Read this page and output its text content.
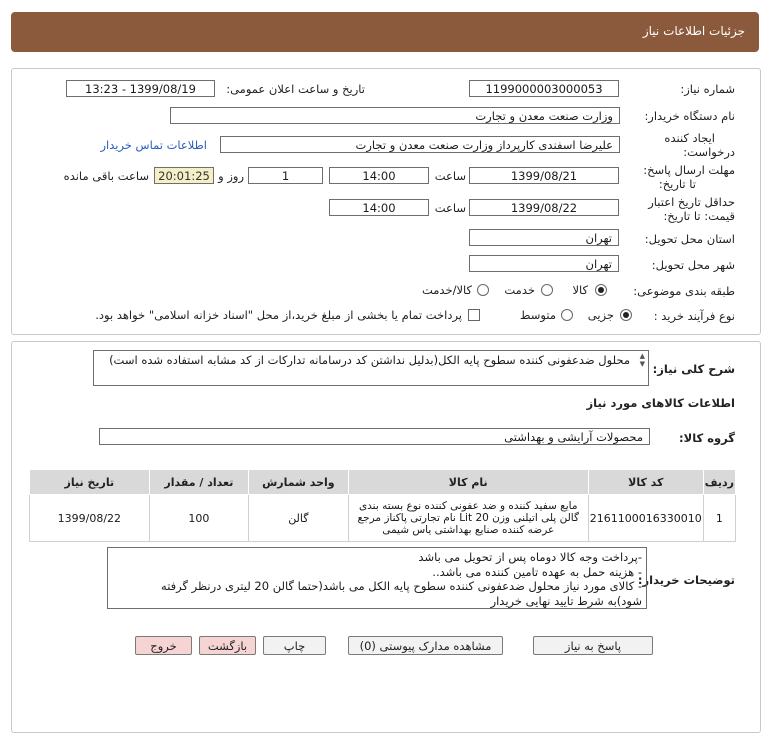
جزئیات اطلاعات نیاز
شماره نیاز:
1199000003000053
تاریخ و ساعت اعلان عمومی:
1399/08/19 - 13:23
نام دستگاه خریدار:
وزارت صنعت معدن و تجارت
ایجاد کننده
درخواست:
علیرضا اسفندی کارپرداز وزارت صنعت معدن و تجارت
اطلاعات تماس خریدار
مهلت ارسال پاسخ:
تا تاریخ:
1399/08/21
ساعت
14:00
1
روز و
20:01:25
ساعت باقی مانده
حداقل تاریخ اعتبار
قیمت: تا تاریخ:
1399/08/22
ساعت
14:00
استان محل تحویل:
تهران
شهر محل تحویل:
تهران
طبقه بندی موضوعی:
کالا
خدمت
کالا/خدمت
نوع فرآیند خرید :
جزیی
متوسط
پرداخت تمام یا بخشی از مبلغ خرید،از محل "اسناد خزانه اسلامی" خواهد بود.
شرح کلی نیاز:
محلول ضدعفونی کننده سطوح پایه الکل(بدلیل نداشتن کد درسامانه تداركات از کد مشابه استفاده شده است) ▲
▼
اطلاعات کالاهای مورد نیاز
گروه کالا:
محصولات آرایشی و بهداشتی
ردیف	کد کالا	نام کالا	واحد شمارش	تعداد / مقدار	تاریخ نیاز
1	2161100016330010	مایع سفید کننده و ضد عفونی کننده نوع بسته بندی گالن پلی اتیلنی وزن 20 Lit نام تجارتی پاکناز مرجع عرضه کننده صنایع بهداشتی یاس شیمی	گالن	100	1399/08/22
توضیحات خریدار:
-پرداخت وجه کالا دوماه پس از تحویل می باشد
- هزینه حمل به عهده تامین کننده می باشد..
- کالای مورد نیاز محلول ضدعفونی کننده سطوح پایه الکل می باشد(حتما گالن 20 لیتری درنظر گرفته
شود)به شرط تایید نهایی خریدار
پاسخ به نیاز
مشاهده مدارک پیوستی (0)
چاپ
بازگشت
خروج
